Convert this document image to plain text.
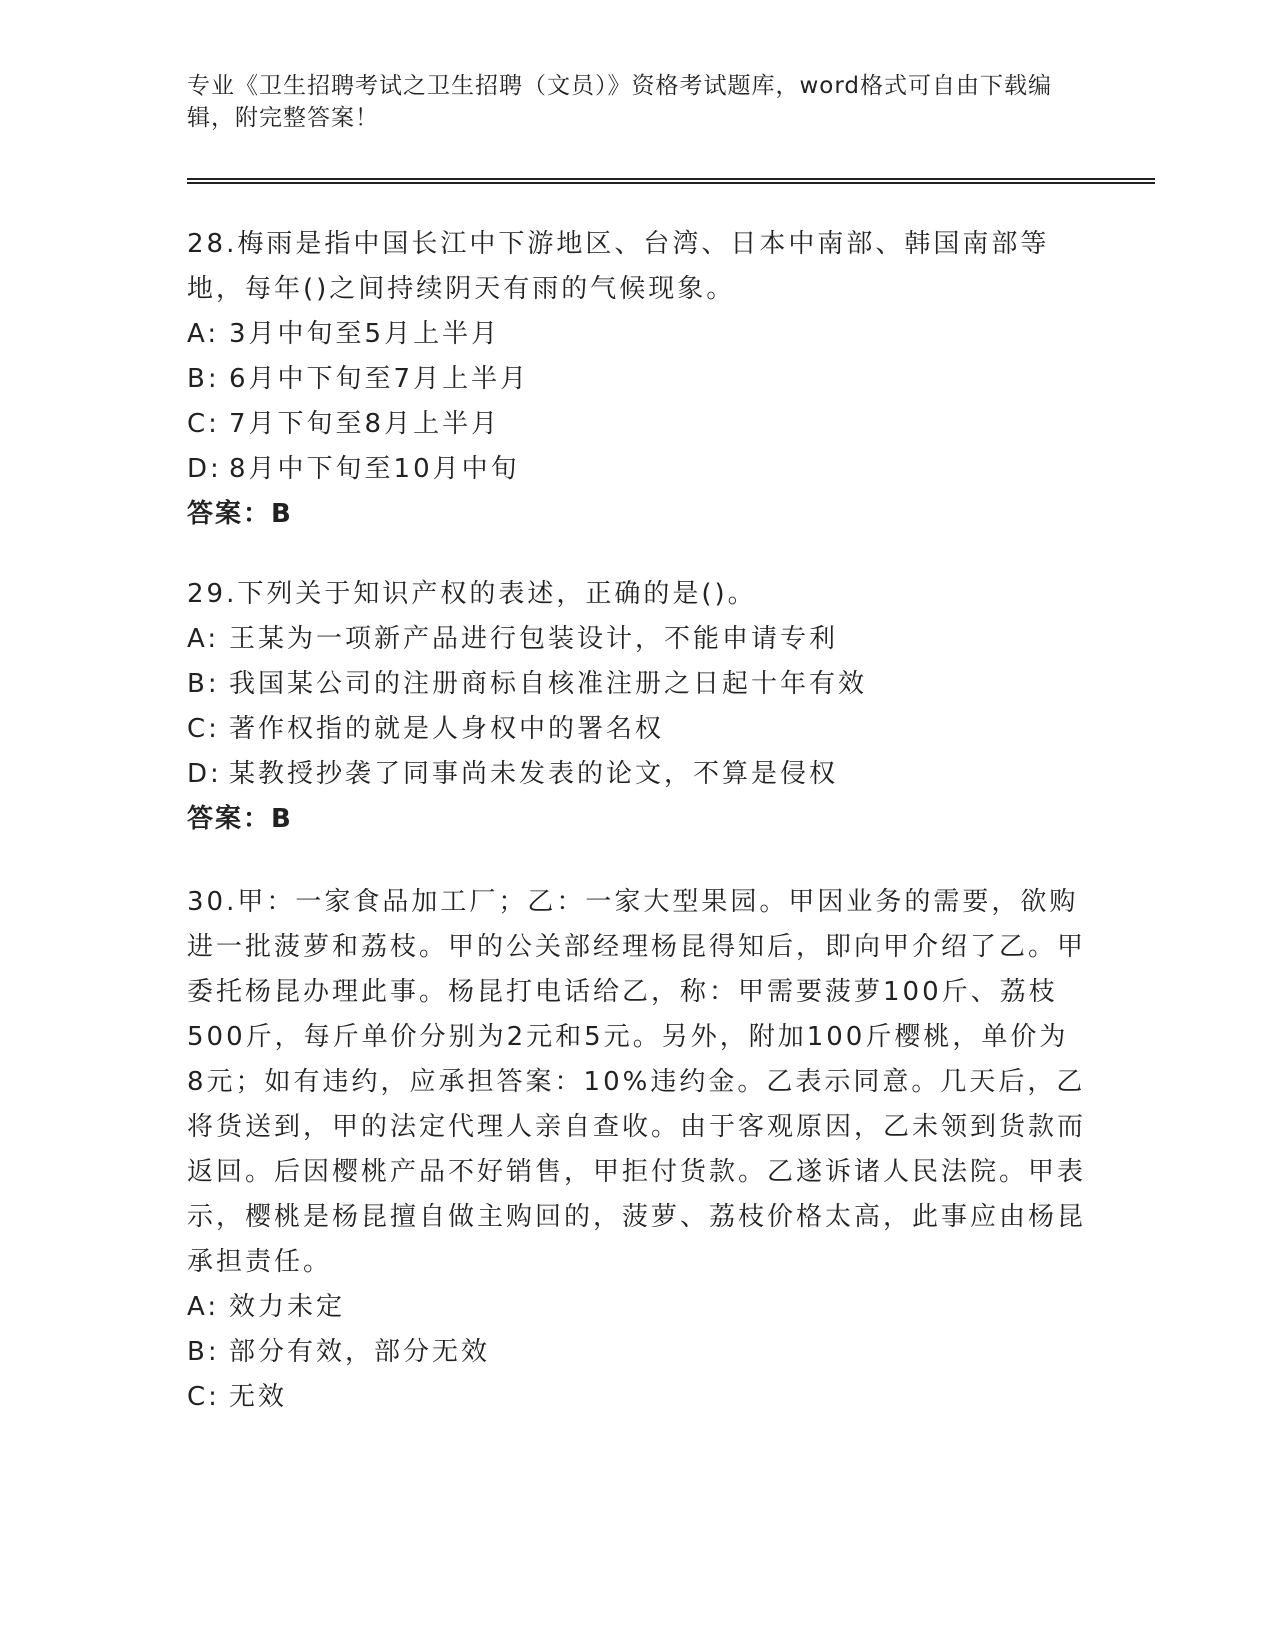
专业《卫生招聘考试之卫生招聘（文员）》资格考试题库，word格式可自由下载编辑，附完整答案！
28.梅雨是指中国长江中下游地区、台湾、日本中南部、韩国南部等地，每年()之间持续阴天有雨的气候现象。
A: 3月中旬至5月上半月
B: 6月中下旬至7月上半月
C: 7月下旬至8月上半月
D: 8月中下旬至10月中旬
答案：B
29.下列关于知识产权的表述，正确的是()。
A: 王某为一项新产品进行包装设计，不能申请专利
B: 我国某公司的注册商标自核准注册之日起十年有效
C: 著作权指的就是人身权中的署名权
D: 某教授抄袭了同事尚未发表的论文，不算是侵权
答案：B
30.甲：一家食品加工厂；乙：一家大型果园。甲因业务的需要，欲购进一批菠萝和荔枝。甲的公关部经理杨昆得知后，即向甲介绍了乙。甲委托杨昆办理此事。杨昆打电话给乙，称：甲需要菠萝100斤、荔枝500斤，每斤单价分别为2元和5元。另外，附加100斤樱桃，单价为8元；如有违约，应承担答案：10%违约金。乙表示同意。几天后，乙将货送到，甲的法定代理人亲自查收。由于客观原因，乙未领到货款而返回。后因樱桃产品不好销售，甲拒付货款。乙遂诉诸人民法院。甲表示，樱桃是杨昆擅自做主购回的，菠萝、荔枝价格太高，此事应由杨昆承担责任。
A: 效力未定
B: 部分有效，部分无效
C: 无效
